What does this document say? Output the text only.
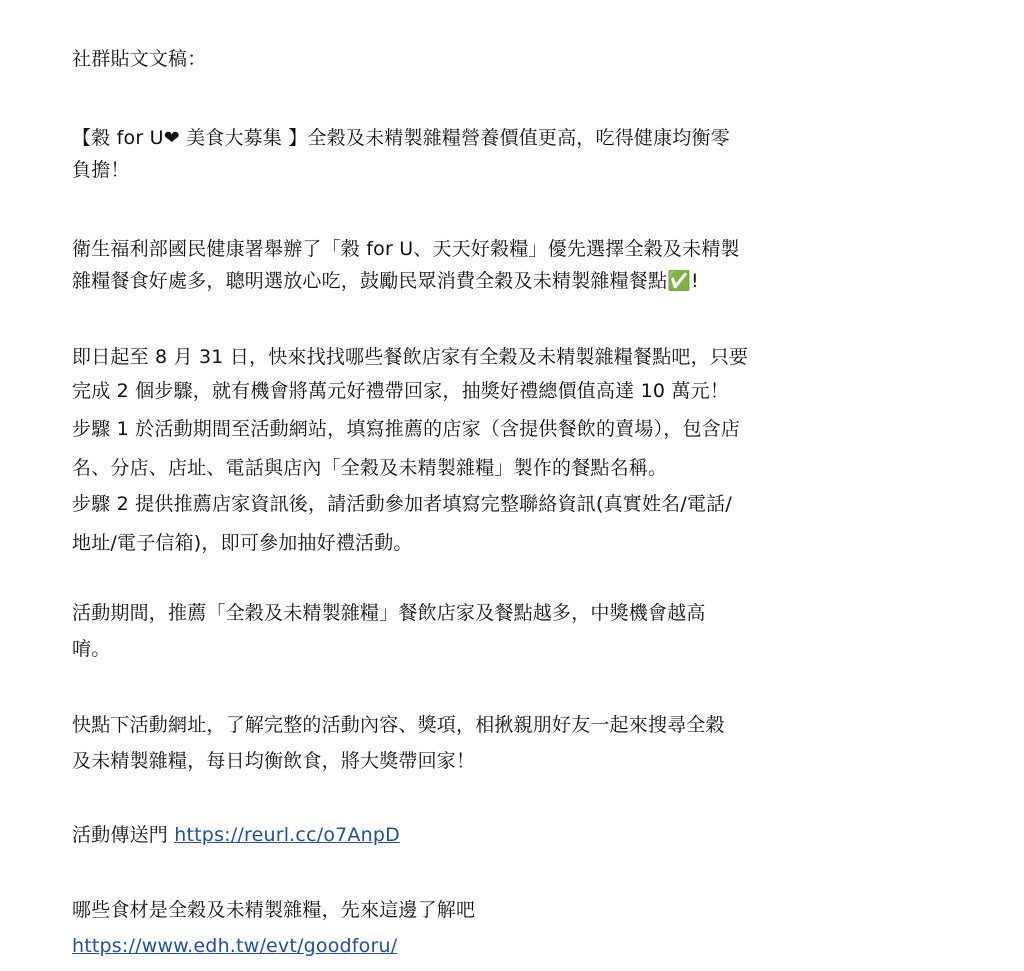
社群貼文文稿：
【穀 for U❤ 美食大募集 】全穀及未精製雜糧營養價值更高，吃得健康均衡零
負擔！
衛生福利部國民健康署舉辦了「穀 for U、天天好穀糧」優先選擇全穀及未精製
雜糧餐食好處多，聰明選放心吃，鼓勵民眾消費全穀及未精製雜糧餐點✅!
即日起至 8 月 31 日，快來找找哪些餐飲店家有全穀及未精製雜糧餐點吧，只要
完成 2 個步驟，就有機會將萬元好禮帶回家，抽獎好禮總價值高達 10 萬元！
步驟 1 於活動期間至活動網站，填寫推薦的店家（含提供餐飲的賣場），包含店
名、分店、店址、電話與店內「全穀及未精製雜糧」製作的餐點名稱。
步驟 2 提供推薦店家資訊後，請活動參加者填寫完整聯絡資訊(真實姓名/電話/
地址/電子信箱)，即可參加抽好禮活動。
活動期間，推薦「全穀及未精製雜糧」餐飲店家及餐點越多，中獎機會越高
唷。
快點下活動網址，了解完整的活動內容、獎項，相揪親朋好友一起來搜尋全穀
及未精製雜糧，每日均衡飲食，將大獎帶回家！
活動傳送門 https://reurl.cc/o7AnpD
哪些食材是全穀及未精製雜糧，先來這邊了解吧
https://www.edh.tw/evt/goodforu/
